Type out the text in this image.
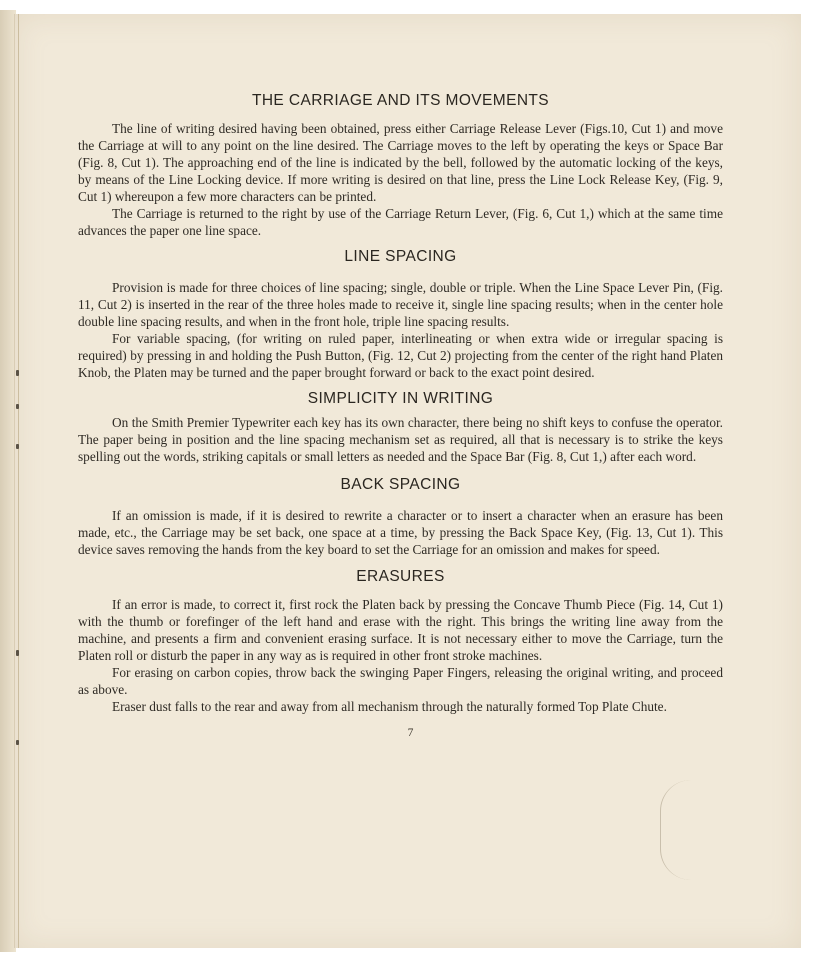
THE CARRIAGE AND ITS MOVEMENTS

The line of writing desired having been obtained, press either Carriage Release Lever (Figs.10, Cut 1) and move the Carriage at will to any point on the line desired. The Carriage moves to the left by operating the keys or Space Bar (Fig. 8, Cut 1). The approaching end of the line is indicated by the bell, followed by the automatic locking of the keys, by means of the Line Locking device. If more writing is desired on that line, press the Line Lock Release Key, (Fig. 9, Cut 1) whereupon a few more characters can be printed.

The Carriage is returned to the right by use of the Carriage Return Lever, (Fig. 6, Cut 1,) which at the same time advances the paper one line space.

LINE SPACING

Provision is made for three choices of line spacing; single, double or triple. When the Line Space Lever Pin, (Fig. 11, Cut 2) is inserted in the rear of the three holes made to receive it, single line spacing results; when in the center hole double line spacing results, and when in the front hole, triple line spacing results.

For variable spacing, (for writing on ruled paper, interlineating or when extra wide or irregular spacing is required) by pressing in and holding the Push Button, (Fig. 12, Cut 2) projecting from the center of the right hand Platen Knob, the Platen may be turned and the paper brought forward or back to the exact point desired.

SIMPLICITY IN WRITING

On the Smith Premier Typewriter each key has its own character, there being no shift keys to confuse the operator. The paper being in position and the line spacing mechanism set as required, all that is necessary is to strike the keys spelling out the words, striking capitals or small letters as needed and the Space Bar (Fig. 8, Cut 1,) after each word.

BACK SPACING

If an omission is made, if it is desired to rewrite a character or to insert a character when an erasure has been made, etc., the Carriage may be set back, one space at a time, by pressing the Back Space Key, (Fig. 13, Cut 1). This device saves removing the hands from the key board to set the Carriage for an omission and makes for speed.

ERASURES

If an error is made, to correct it, first rock the Platen back by pressing the Concave Thumb Piece (Fig. 14, Cut 1) with the thumb or forefinger of the left hand and erase with the right. This brings the writing line away from the machine, and presents a firm and convenient erasing surface. It is not necessary either to move the Carriage, turn the Platen roll or disturb the paper in any way as is required in other front stroke machines.

For erasing on carbon copies, throw back the swinging Paper Fingers, releasing the original writing, and proceed as above.

Eraser dust falls to the rear and away from all mechanism through the naturally formed Top Plate Chute.

7
